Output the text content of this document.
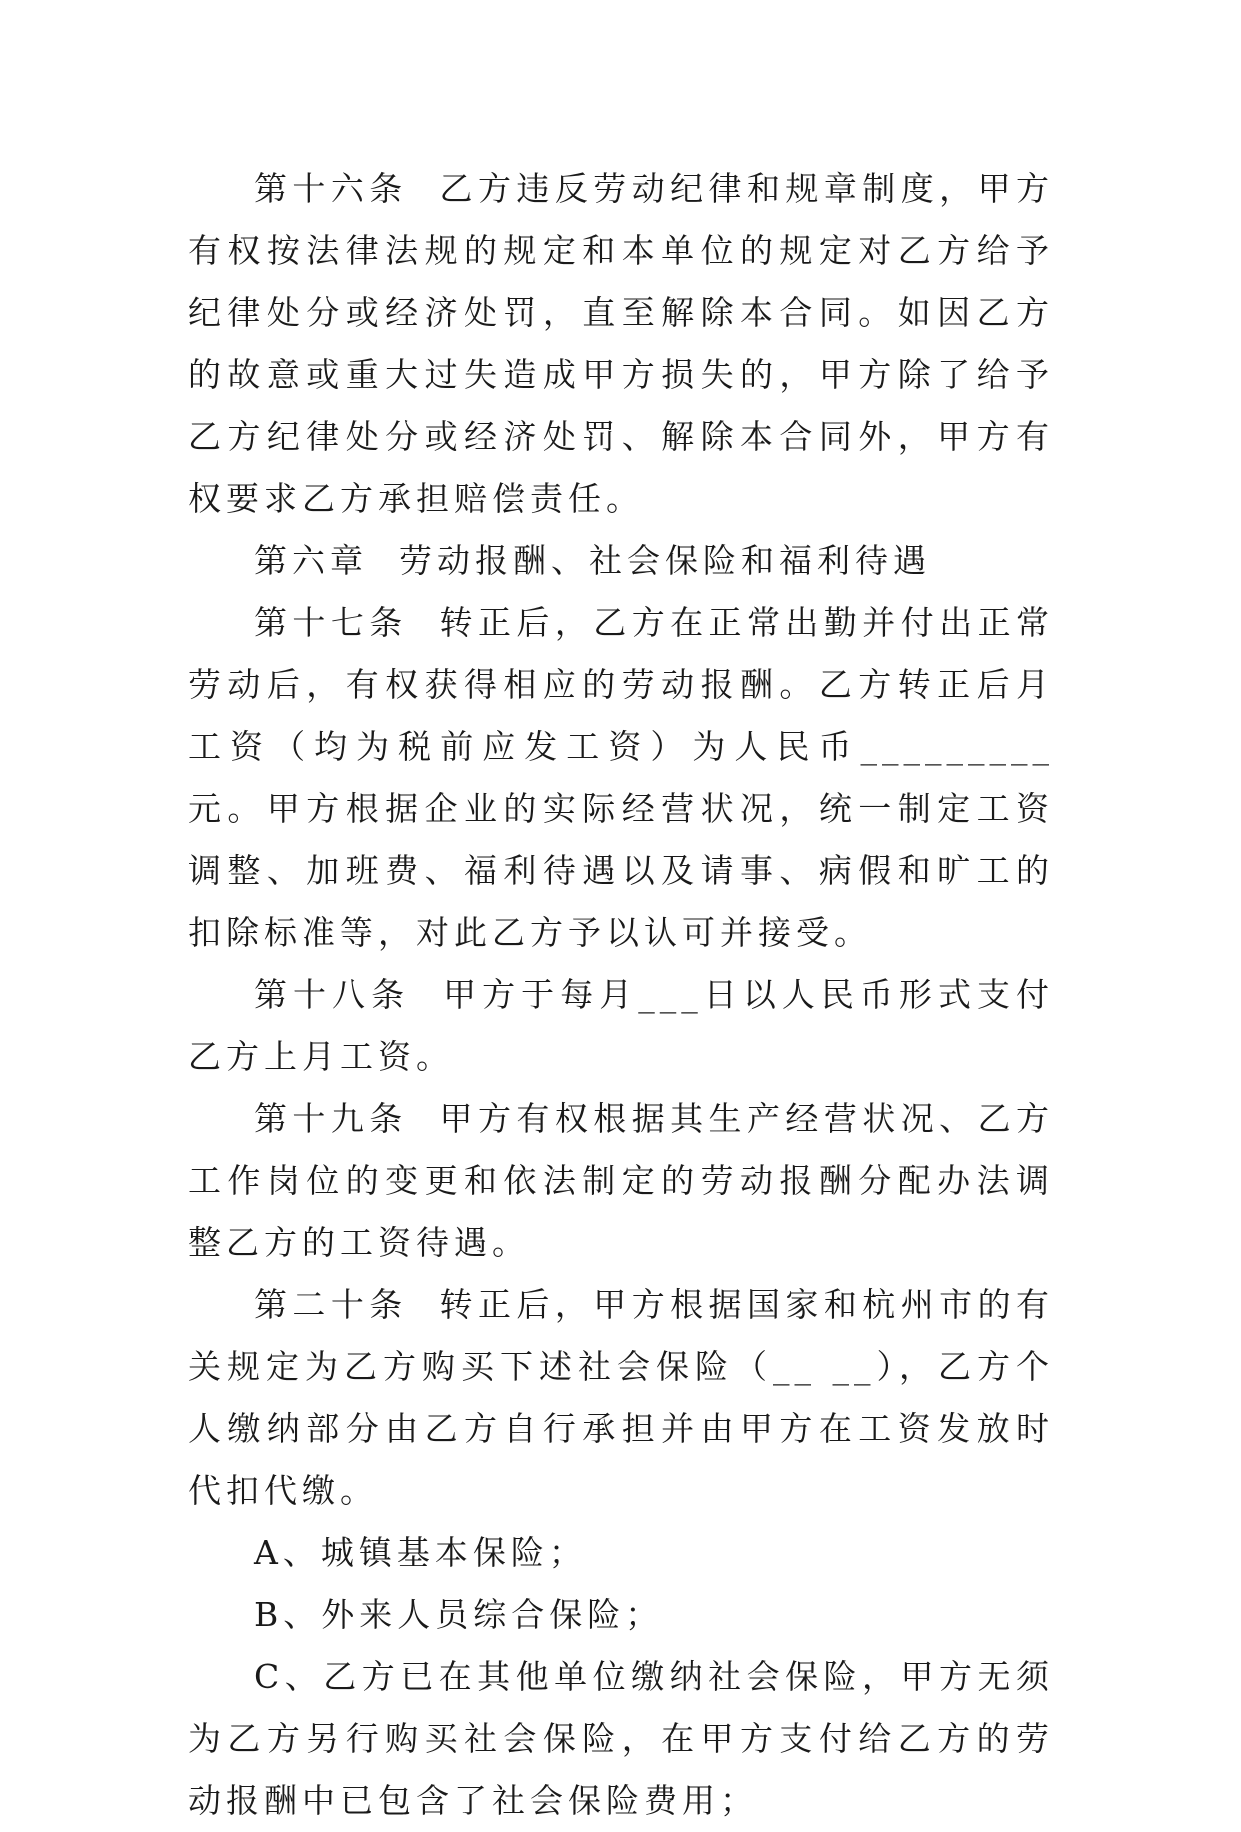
第十六条  乙方违反劳动纪律和规章制度，甲方有权按法律法规的规定和本单位的规定对乙方给予纪律处分或经济处罚，直至解除本合同。如因乙方的故意或重大过失造成甲方损失的，甲方除了给予乙方纪律处分或经济处罚、解除本合同外，甲方有权要求乙方承担赔偿责任。

第六章  劳动报酬、社会保险和福利待遇

第十七条  转正后，乙方在正常出勤并付出正常劳动后，有权获得相应的劳动报酬。乙方转正后月工资（均为税前应发工资）为人民币_________元。甲方根据企业的实际经营状况，统一制定工资调整、加班费、福利待遇以及请事、病假和旷工的扣除标准等，对此乙方予以认可并接受。

第十八条  甲方于每月___日以人民币形式支付乙方上月工资。

第十九条  甲方有权根据其生产经营状况、乙方工作岗位的变更和依法制定的劳动报酬分配办法调整乙方的工资待遇。

第二十条  转正后，甲方根据国家和杭州市的有关规定为乙方购买下述社会保险（__ __），乙方个人缴纳部分由乙方自行承担并由甲方在工资发放时代扣代缴。

A、城镇基本保险；

B、外来人员综合保险；

C、乙方已在其他单位缴纳社会保险，甲方无须为乙方另行购买社会保险，在甲方支付给乙方的劳动报酬中已包含了社会保险费用；
